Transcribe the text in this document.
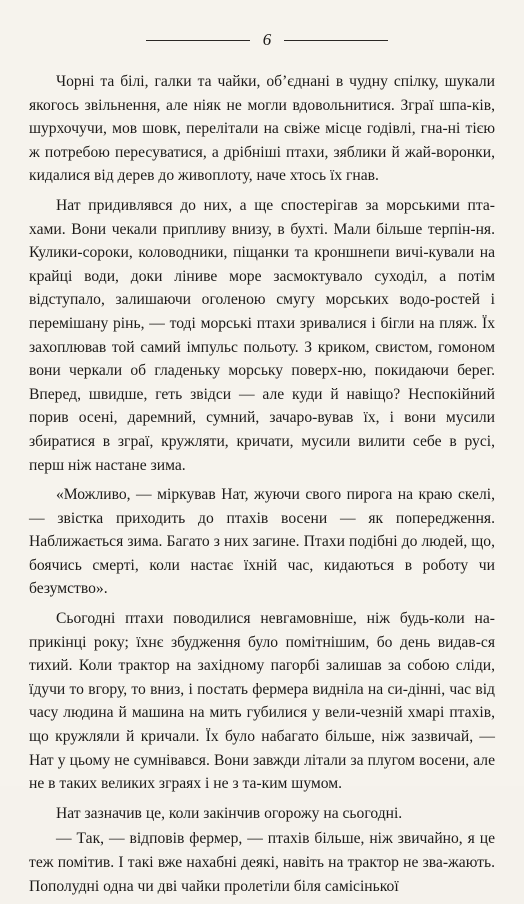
6

Чорні та білі, галки та чайки, об’єднані в чудну спілку, шукали якогось звільнення, але ніяк не могли вдовольнитися. Зграї шпа-ків, шурхочучи, мов шовк, перелітали на свіже місце годівлі, гна-ні тією ж потребою пересуватися, а дрібніші птахи, зяблики й жай-воронки, кидалися від дерев до живоплоту, наче хтось їх гнав.

Нат придивлявся до них, а ще спостерігав за морськими пта-хами. Вони чекали припливу внизу, в бухті. Мали більше терпін-ня. Кулики-сороки, коловодники, піщанки та кроншнепи вичі-кували на крайці води, доки ліниве море засмоктувало суходіл, а потім відступало, залишаючи оголеною смугу морських водо-ростей і перемішану рінь, — тоді морські птахи зривалися і бігли на пляж. Їх захоплював той самий імпульс польоту. З криком, свистом, гомоном вони черкали об гладеньку морську поверх-ню, покидаючи берег. Вперед, швидше, геть звідси — але куди й навіщо? Неспокійний порив осені, даремний, сумний, зачаро-вував їх, і вони мусили збиратися в зграї, кружляти, кричати, мусили вилити себе в русі, перш ніж настане зима.

«Можливо, — міркував Нат, жуючи свого пирога на краю скелі, — звістка приходить до птахів восени — як попередження. Наближається зима. Багато з них загине. Птахи подібні до людей, що, боячись смерті, коли настає їхній час, кидаються в роботу чи безумство».

Сьогодні птахи поводилися невгамовніше, ніж будь-коли на-прикінці року; їхнє збудження було помітнішим, бо день видав-ся тихий. Коли трактор на західному пагорбі залишав за собою сліди, їдучи то вгору, то вниз, і постать фермера виднiла на си-дінні, час від часу людина й машина на мить губилися у вели-чезній хмарі птахів, що кружляли й кричали. Їх було набагато більше, ніж зазвичай, — Нат у цьому не сумнівався. Вони завжди літали за плугом восени, але не в таких великих зграях і не з та-ким шумом.

Нат зазначив це, коли закінчив огорожу на сьогодні.

— Так, — відповів фермер, — птахів більше, ніж звичайно, я це теж помітив. І такі вже нахабні деякі, навіть на трактор не зва-жають. Пополудні одна чи дві чайки пролетіли біля самісінької
